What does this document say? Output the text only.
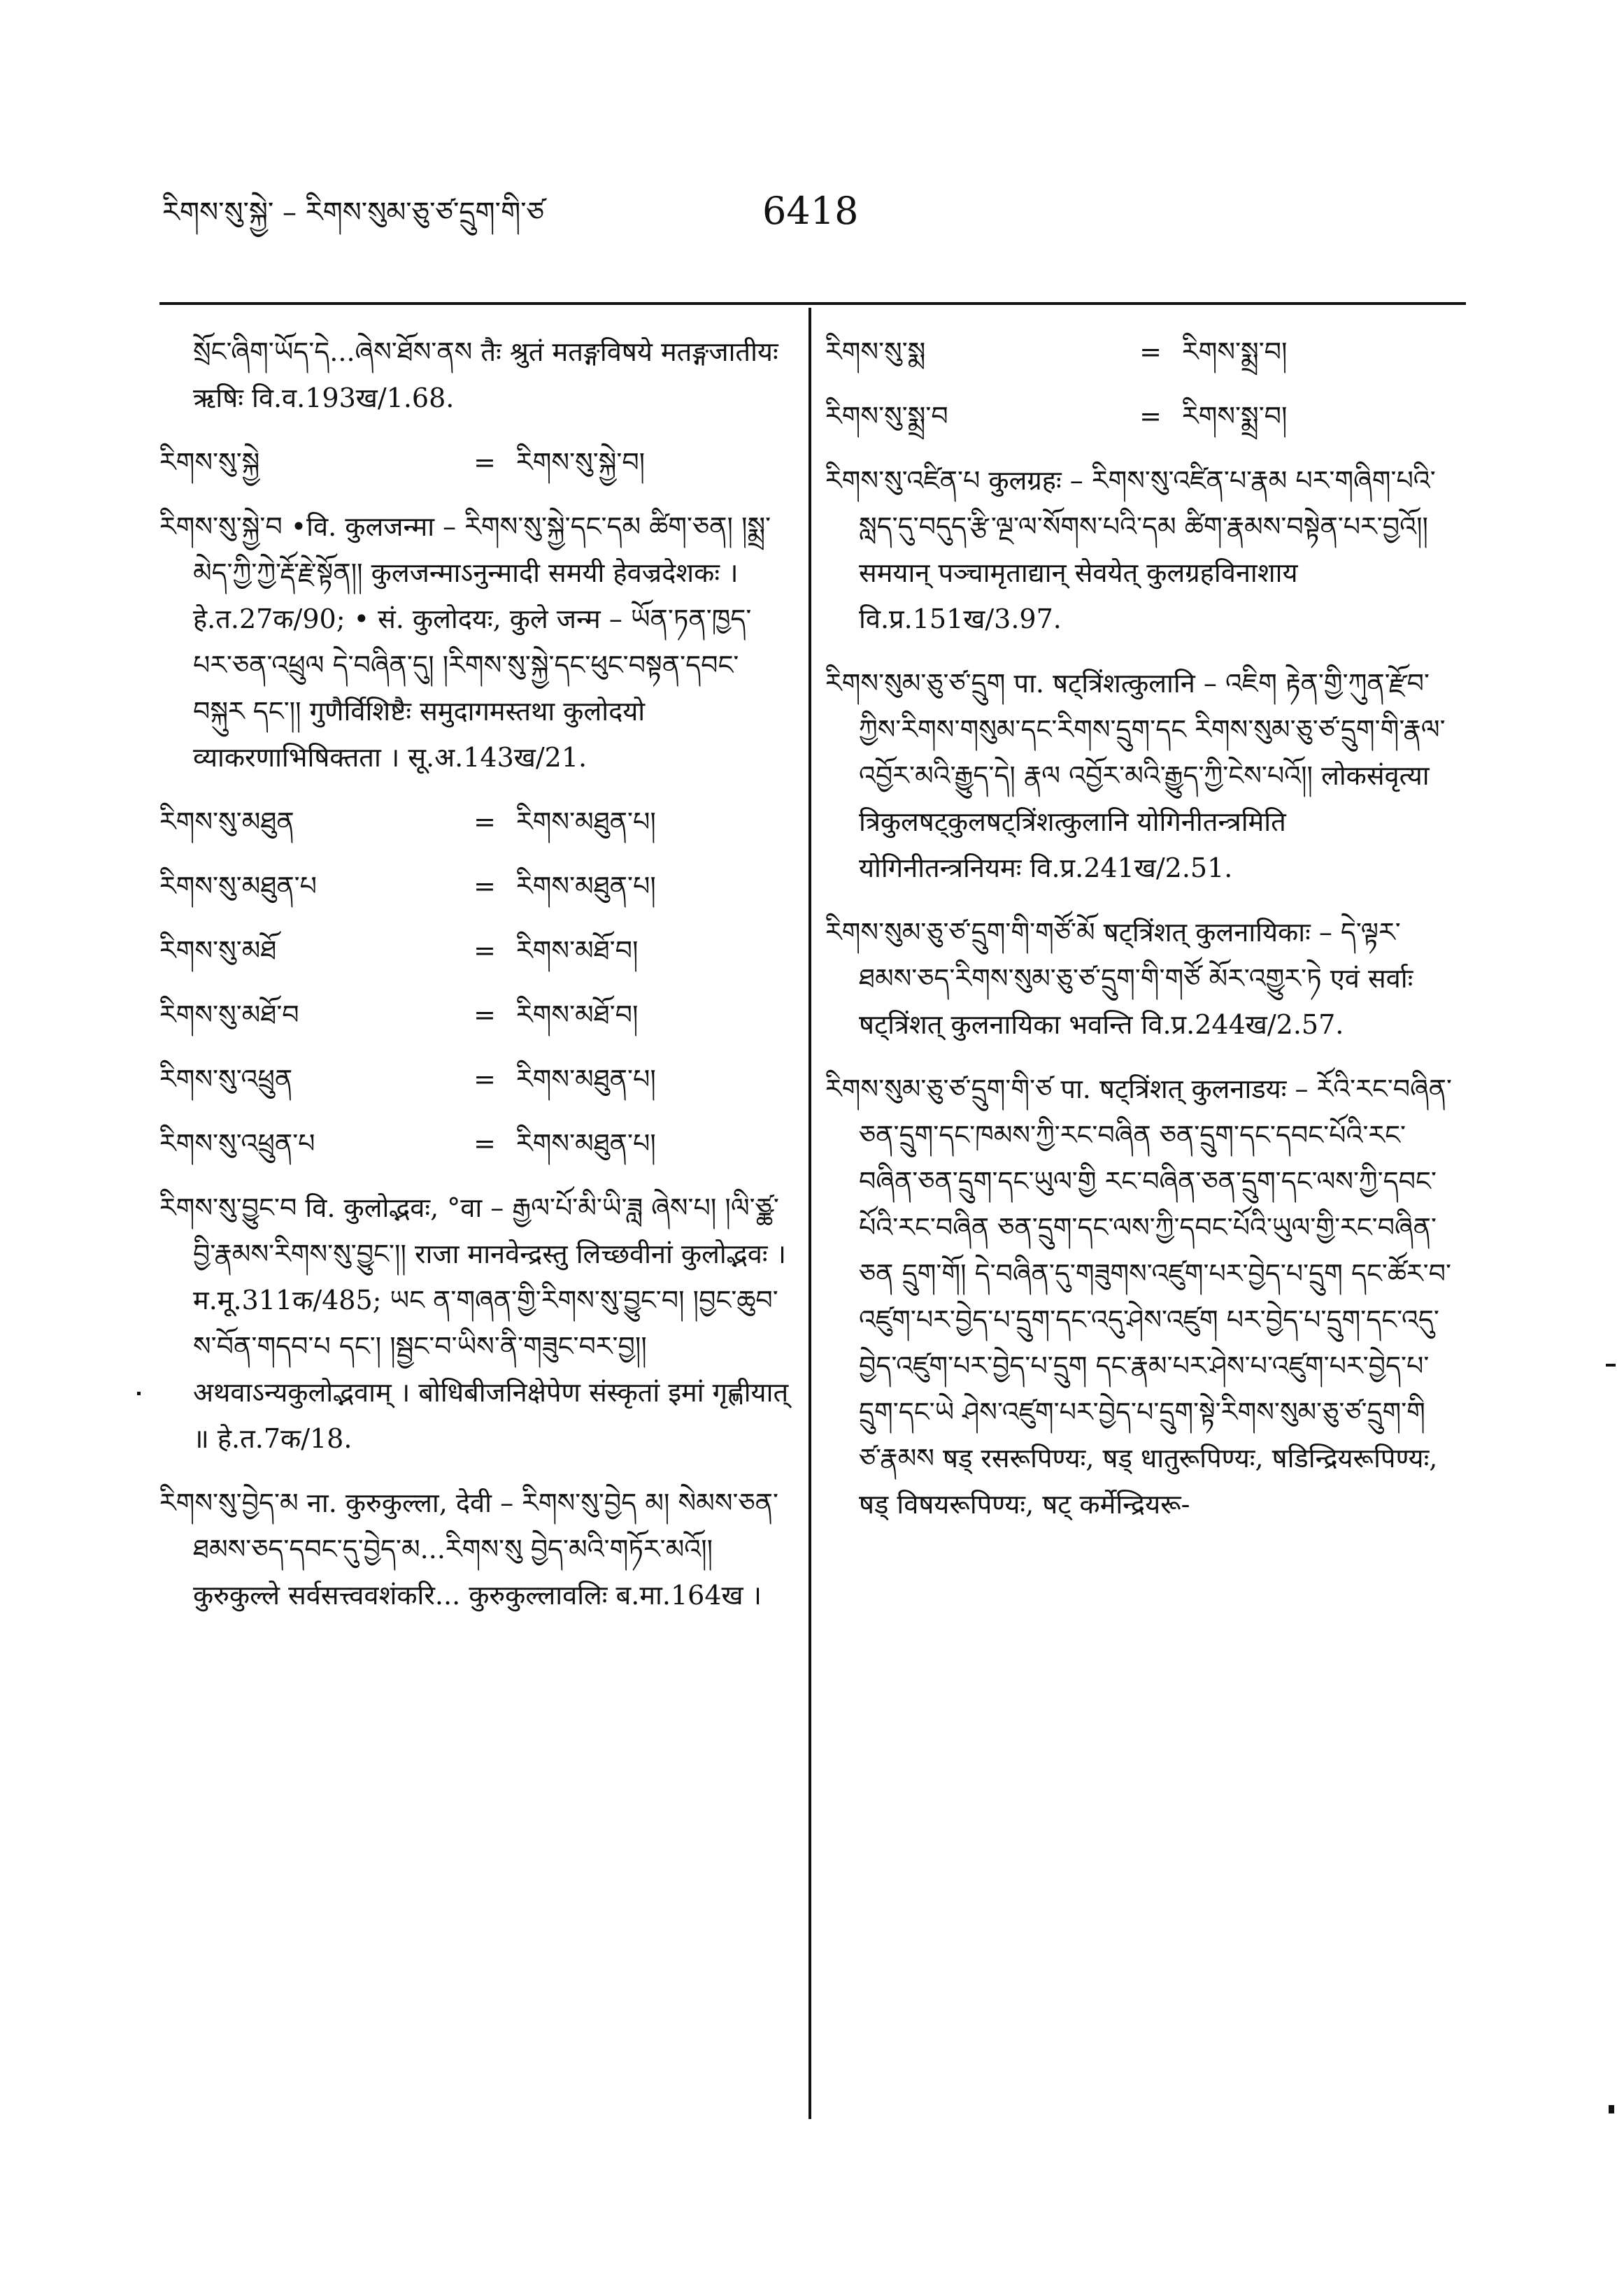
རིགས་སུ་སྐྱེ་ – རིགས་སུམ་ཅུ་ཙ་དྲུག་གི་ཙ	6418
སྲོང་ཞིག་ཡོད་དེ...ཞེས་ཐོས་ནས तैः श्रुतं मतङ्गविषये मतङ्गजातीयः ऋषिः वि.व.193ख/1.68.
རིགས་སུ་སྐྱེ	= རིགས་སུ་སྐྱེ་བ།
རིགས་སུ་སྐྱེ་བ •वि. कुलजन्मा – རིགས་སུ་སྐྱེ་དང་དམ ཚིག་ཅན། །སྨྲ་མེད་ཀྱི་ཀྱེ་རྡོ་རྗེ་སྟོན།། कुलजन्माऽनुन्मादी समयी हेवज्रदेशकः । हे.त.27क/90; • सं. कुलोदयः, कुले जन्म – ཡོན་ཏན་ཁྱད་པར་ཅན་འཕྲུལ དེ་བཞིན་དུ། །རིགས་སུ་སྐྱེ་དང་ཕུང་བསྟན་དབང་བསྐུར དང་།། गुणैर्विशिष्टैः समुदागमस्तथा कुलोदयो व्याकरणाभिषिक्तता । सू.अ.143ख/21.
རིགས་སུ་མཐུན	= རིགས་མཐུན་པ།
རིགས་སུ་མཐུན་པ	= རིགས་མཐུན་པ།
རིགས་སུ་མཐོ	= རིགས་མཐོ་བ།
རིགས་སུ་མཐོ་བ	= རིགས་མཐོ་བ།
རིགས་སུ་འཕྲུན	= རིགས་མཐུན་པ།
རིགས་སུ་འཕྲུན་པ	= རིགས་མཐུན་པ།
རིགས་སུ་བྱུང་བ वि. कुलोद्भवः, °वा – རྒྱལ་པོ་མི་ཡི་ཟླ ཞེས་པ། །ལི་ཙྪ་བྱི་རྣམས་རིགས་སུ་བྱུང་།། राजा मानवेन्द्रस्तु लिच्छवीनां कुलोद्भवः । म.मू.311क/485; ཡང ན་གཞན་གྱི་རིགས་སུ་བྱུང་བ། །བྱང་ཆུབ་ས་བོན་གདབ་པ དང་། །སྦྱང་བ་ཡིས་ནི་གཟུང་བར་བྱ།། अथवाऽन्यकुलोद्भवाम् । बोधिबीजनिक्षेपेण संस्कृतां इमां गृह्णीयात् ॥ हे.त.7क/18.
རིགས་སུ་བྱེད་མ ना. कुरुकुल्ला, देवी – རིགས་སུ་བྱེད མ། སེམས་ཅན་ཐམས་ཅད་དབང་དུ་བྱེད་མ...རིགས་སུ བྱེད་མའི་གཏོར་མའོ།། कुरुकुल्ले सर्वसत्त्ववशंकरि... कुरुकुल्लावलिः ब.मा.164ख ।
རིགས་སུ་སྨ	= རིགས་སྨྲ་བ།
རིགས་སུ་སྨྲ་བ	= རིགས་སྨྲ་བ།
རིགས་སུ་འཛིན་པ कुलग्रहः – རིགས་སུ་འཛིན་པ་རྣམ པར་གཞིག་པའི་སླད་དུ་བདུད་རྩི་ལྔ་ལ་སོགས་པའི་དམ ཚིག་རྣམས་བསྟེན་པར་བྱའོ།། समयान् पञ्चामृताद्यान् सेवयेत् कुलग्रहविनाशाय वि.प्र.151ख/3.97.
རིགས་སུམ་ཅུ་ཙ་དྲུག पा. षट्त्रिंशत्कुलानि – འཇིག རྟེན་གྱི་ཀུན་རྫོབ་ཀྱིས་རིགས་གསུམ་དང་རིགས་དྲུག་དང རིགས་སུམ་ཅུ་ཙ་དྲུག་གི་རྣལ་འབྱོར་མའི་རྒྱུད་དེ། རྣལ འབྱོར་མའི་རྒྱུད་ཀྱི་ངེས་པའོ།། लोकसंवृत्या त्रिकुलषट्कुलषट्त्रिंशत्कुलानि योगिनीतन्त्रमिति योगिनीतन्त्रनियमः वि.प्र.241ख/2.51.
རིགས་སུམ་ཅུ་ཙ་དྲུག་གི་གཙོ་མོ षट्त्रिंशत् कुलनायिकाः – དེ་ལྟར་ཐམས་ཅད་རིགས་སུམ་ཅུ་ཙ་དྲུག་གི་གཙོ མོར་འགྱུར་ཏེ एवं सर्वाः षट्त्रिंशत् कुलनायिका भवन्ति वि.प्र.244ख/2.57.
རིགས་སུམ་ཅུ་ཙ་དྲུག་གི་ཙ पा. षट्त्रिंशत् कुलनाडयः – རོའི་རང་བཞིན་ཅན་དྲུག་དང་ཁམས་ཀྱི་རང་བཞིན ཅན་དྲུག་དང་དབང་པོའི་རང་བཞིན་ཅན་དྲུག་དང་ཡུལ་གྱི རང་བཞིན་ཅན་དྲུག་དང་ལས་ཀྱི་དབང་པོའི་རང་བཞིན ཅན་དྲུག་དང་ལས་ཀྱི་དབང་པོའི་ཡུལ་གྱི་རང་བཞིན་ཅན དྲུག་གོ། དེ་བཞིན་དུ་གཟུགས་འཛུག་པར་བྱེད་པ་དྲུག དང་ཚོར་བ་འཛུག་པར་བྱེད་པ་དྲུག་དང་འདུ་ཤེས་འཛུག པར་བྱེད་པ་དྲུག་དང་འདུ་བྱེད་འཛུག་པར་བྱེད་པ་དྲུག དང་རྣམ་པར་ཤེས་པ་འཛུག་པར་བྱེད་པ་དྲུག་དང་ཡེ ཤེས་འཛུག་པར་བྱེད་པ་དྲུག་སྟེ་རིགས་སུམ་ཅུ་ཙ་དྲུག་གི ཙ་རྣམས षड् रसरूपिण्यः, षड् धातुरूपिण्यः, षडिन्द्रियरूपिण्यः, षड् विषयरूपिण्यः, षट् कर्मेन्द्रियरू-
